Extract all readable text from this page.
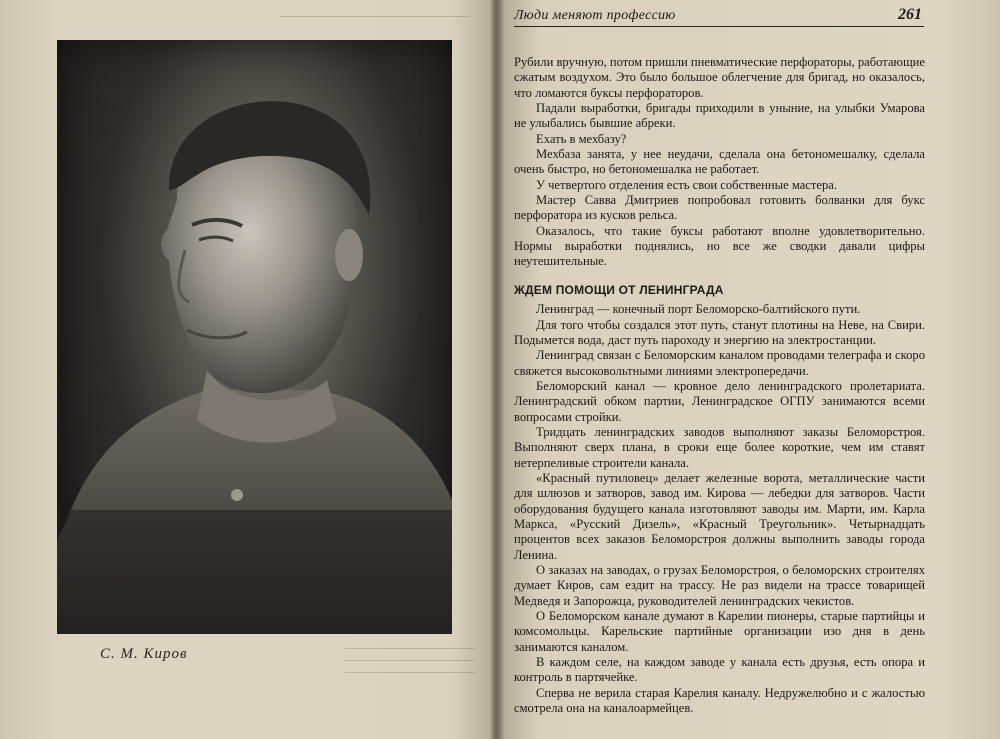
С. М. Киров
Люди меняют профессию	261

Рубили вручную, потом пришли пневматические перфораторы, работающие сжатым воздухом. Это было большое облегчение для бригад, но оказалось, что ломаются буксы перфораторов.

Падали выработки, бригады приходили в уныние, на улыбки Умарова не улыбались бывшие абреки.

Ехать в мехбазу?

Мехбаза занята, у нее неудачи, сделала она бетономешалку, сделала очень быстро, но бетономешалка не работает.

У четвертого отделения есть свои собственные мастера.

Мастер Савва Дмитриев попробовал готовить болванки для букс перфоратора из кусков рельса.

Оказалось, что такие буксы работают вполне удовлетворительно. Нормы выработки поднялись, но все же сводки давали цифры неутешительные.

ЖДЕМ ПОМОЩИ ОТ ЛЕНИНГРАДА

Ленинград — конечный порт Беломорско-балтийского пути.

Для того чтобы создался этот путь, станут плотины на Неве, на Свири. Подымется вода, даст путь пароходу и энергию на электростанции.

Ленинград связан с Беломорским каналом проводами телеграфа и скоро свяжется высоковольтными линиями электропередачи.

Беломорский канал — кровное дело ленинградского пролетариата. Ленинградский обком партии, Ленинградское ОГПУ занимаются всеми вопросами стройки.

Тридцать ленинградских заводов выполняют заказы Беломорстроя. Выполняют сверх плана, в сроки еще более короткие, чем им ставят нетерпеливые строители канала.

«Красный путиловец» делает железные ворота, металлические части для шлюзов и затворов, завод им. Кирова — лебедки для затворов. Части оборудования будущего канала изготовляют заводы им. Марти, им. Карла Маркса, «Русский Дизель», «Красный Треугольник». Четырнадцать процентов всех заказов Беломорстроя должны выполнить заводы города Ленина.

О заказах на заводах, о грузах Беломорстроя, о беломорских строителях думает Киров, сам ездит на трассу. Не раз видели на трассе товарищей Медведя и Запорожца, руководителей ленинградских чекистов.

О Беломорском канале думают в Карелии пионеры, старые партийцы и комсомольцы. Карельские партийные организации изо дня в день занимаются каналом.

В каждом селе, на каждом заводе у канала есть друзья, есть опора и контроль в партячейке.

Сперва не верила старая Карелия каналу. Недружелюбно и с жалостью смотрела она на каналоармейцев.
